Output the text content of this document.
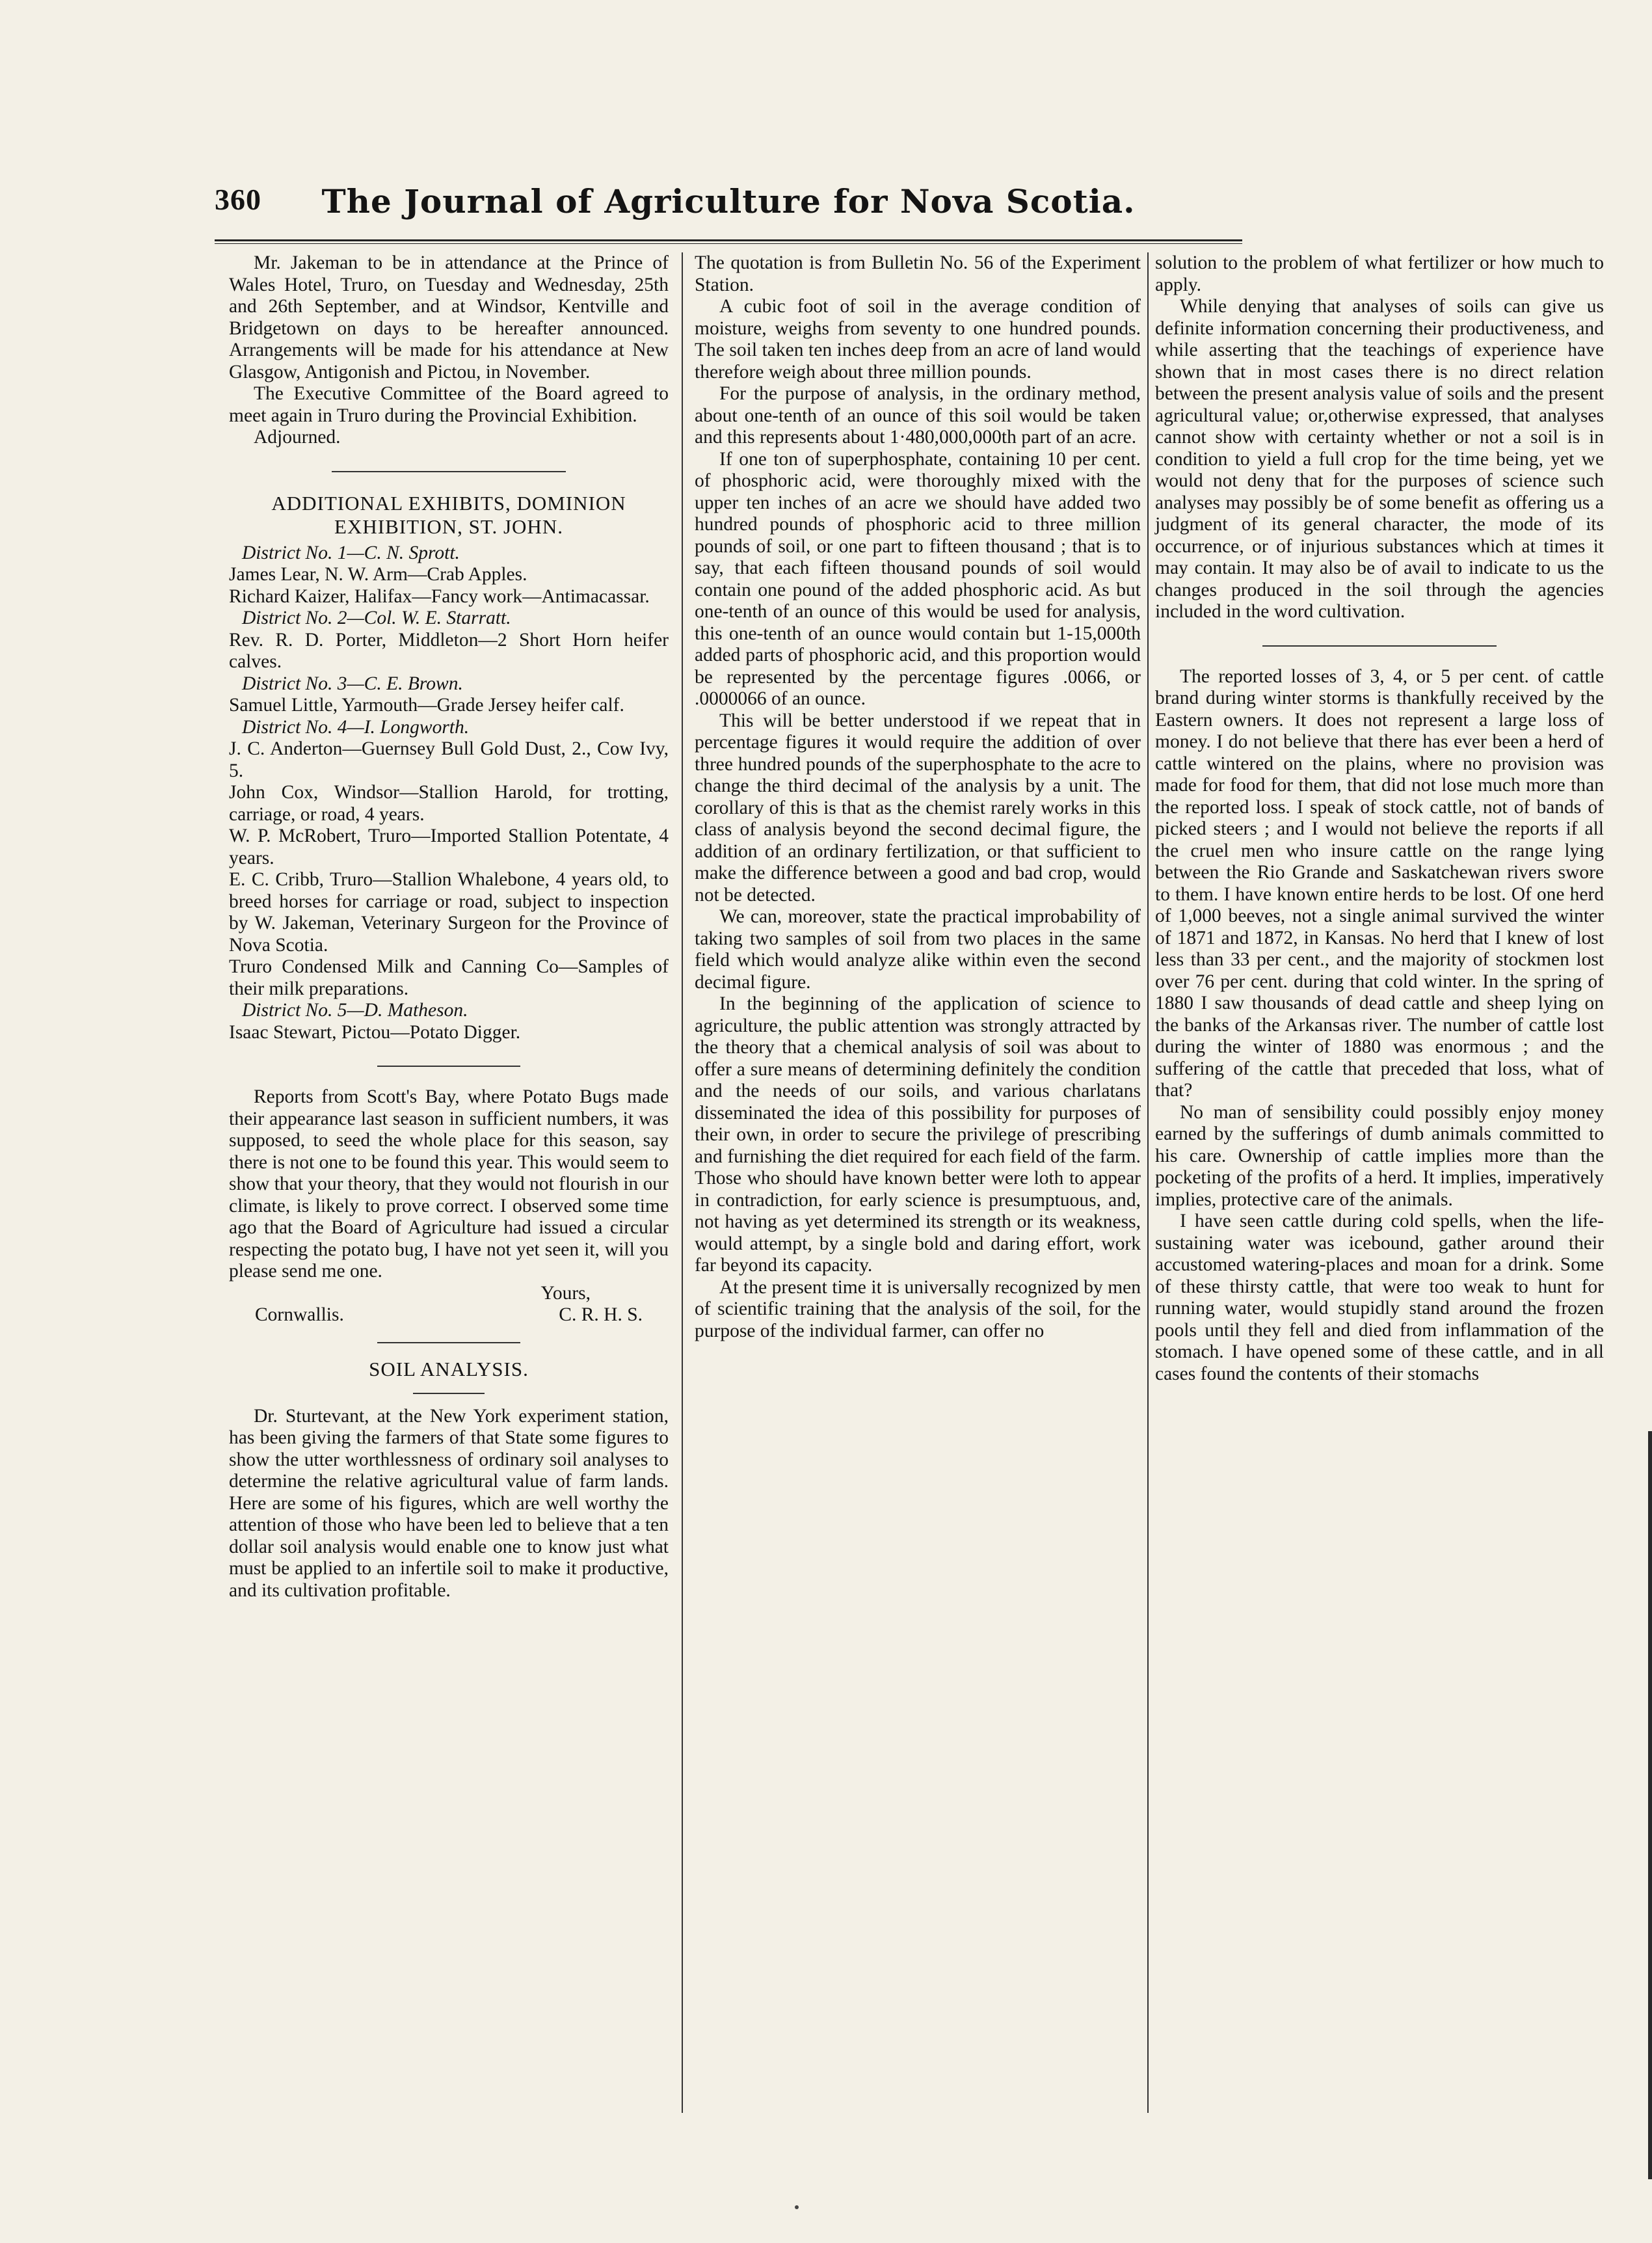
360	The Journal of Agriculture for Nova Scotia.

Mr. Jakeman to be in attendance at the Prince of Wales Hotel, Truro, on Tuesday and Wednesday, 25th and 26th September, and at Windsor, Kentville and Bridgetown on days to be hereafter announced. Arrangements will be made for his attendance at New Glasgow, Antigonish and Pictou, in November.

The Executive Committee of the Board agreed to meet again in Truro during the Provincial Exhibition.

Adjourned.

ADDITIONAL EXHIBITS, DOMINION EXHIBITION, ST. JOHN.
District No. 1—C. N. Sprott.

James Lear, N. W. Arm—Crab Apples.

Richard Kaizer, Halifax—Fancy work—Antimacassar.

District No. 2—Col. W. E. Starratt.

Rev. R. D. Porter, Middleton—2 Short Horn heifer calves.

District No. 3—C. E. Brown.

Samuel Little, Yarmouth—Grade Jersey heifer calf.

District No. 4—I. Longworth.

J. C. Anderton—Guernsey Bull Gold Dust, 2., Cow Ivy, 5.

John Cox, Windsor—Stallion Harold, for trotting, carriage, or road, 4 years.

W. P. McRobert, Truro—Imported Stallion Potentate, 4 years.

E. C. Cribb, Truro—Stallion Whalebone, 4 years old, to breed horses for carriage or road, subject to inspection by W. Jakeman, Veterinary Surgeon for the Province of Nova Scotia.

Truro Condensed Milk and Canning Co—Samples of their milk preparations.

District No. 5—D. Matheson.

Isaac Stewart, Pictou—Potato Digger.

Reports from Scott's Bay, where Potato Bugs made their appearance last season in sufficient numbers, it was supposed, to seed the whole place for this season, say there is not one to be found this year. This would seem to show that your theory, that they would not flourish in our climate, is likely to prove correct. I observed some time ago that the Board of Agriculture had issued a circular respecting the potato bug, I have not yet seen it, will you please send me one.

Yours,
Cornwallis.	C. R. H. S.
SOIL ANALYSIS.

Dr. Sturtevant, at the New York experiment station, has been giving the farmers of that State some figures to show the utter worthlessness of ordinary soil analyses to determine the relative agricultural value of farm lands. Here are some of his figures, which are well worthy the attention of those who have been led to believe that a ten dollar soil analysis would enable one to know just what must be applied to an infertile soil to make it productive, and its cultivation profitable.

The quotation is from Bulletin No. 56 of the Experiment Station.

A cubic foot of soil in the average condition of moisture, weighs from seventy to one hundred pounds. The soil taken ten inches deep from an acre of land would therefore weigh about three million pounds.

For the purpose of analysis, in the ordinary method, about one-tenth of an ounce of this soil would be taken and this represents about 1·480,000,000th part of an acre.

If one ton of superphosphate, containing 10 per cent. of phosphoric acid, were thoroughly mixed with the upper ten inches of an acre we should have added two hundred pounds of phosphoric acid to three million pounds of soil, or one part to fifteen thousand ; that is to say, that each fifteen thousand pounds of soil would contain one pound of the added phosphoric acid. As but one-tenth of an ounce of this would be used for analysis, this one-tenth of an ounce would contain but 1-15,000th added parts of phosphoric acid, and this proportion would be represented by the percentage figures .0066, or .0000066 of an ounce.

This will be better understood if we repeat that in percentage figures it would require the addition of over three hundred pounds of the superphosphate to the acre to change the third decimal of the analysis by a unit. The corollary of this is that as the chemist rarely works in this class of analysis beyond the second decimal figure, the addition of an ordinary fertilization, or that sufficient to make the difference between a good and bad crop, would not be detected.

We can, moreover, state the practical improbability of taking two samples of soil from two places in the same field which would analyze alike within even the second decimal figure.

In the beginning of the application of science to agriculture, the public attention was strongly attracted by the theory that a chemical analysis of soil was about to offer a sure means of determining definitely the condition and the needs of our soils, and various charlatans disseminated the idea of this possibility for purposes of their own, in order to secure the privilege of prescribing and furnishing the diet required for each field of the farm. Those who should have known better were loth to appear in contradiction, for early science is presumptuous, and, not having as yet determined its strength or its weakness, would attempt, by a single bold and daring effort, work far beyond its capacity.

At the present time it is universally recognized by men of scientific training that the analysis of the soil, for the purpose of the individual farmer, can offer no

solution to the problem of what fertilizer or how much to apply.

While denying that analyses of soils can give us definite information concerning their productiveness, and while asserting that the teachings of experience have shown that in most cases there is no direct relation between the present analysis value of soils and the present agricultural value; or,otherwise expressed, that analyses cannot show with certainty whether or not a soil is in condition to yield a full crop for the time being, yet we would not deny that for the purposes of science such analyses may possibly be of some benefit as offering us a judgment of its general character, the mode of its occurrence, or of injurious substances which at times it may contain. It may also be of avail to indicate to us the changes produced in the soil through the agencies included in the word cultivation.

The reported losses of 3, 4, or 5 per cent. of cattle brand during winter storms is thankfully received by the Eastern owners. It does not represent a large loss of money. I do not believe that there has ever been a herd of cattle wintered on the plains, where no provision was made for food for them, that did not lose much more than the reported loss. I speak of stock cattle, not of bands of picked steers ; and I would not believe the reports if all the cruel men who insure cattle on the range lying between the Rio Grande and Saskatchewan rivers swore to them. I have known entire herds to be lost. Of one herd of 1,000 beeves, not a single animal survived the winter of 1871 and 1872, in Kansas. No herd that I knew of lost less than 33 per cent., and the majority of stockmen lost over 76 per cent. during that cold winter. In the spring of 1880 I saw thousands of dead cattle and sheep lying on the banks of the Arkansas river. The number of cattle lost during the winter of 1880 was enormous ; and the suffering of the cattle that preceded that loss, what of that?

No man of sensibility could possibly enjoy money earned by the sufferings of dumb animals committed to his care. Ownership of cattle implies more than the pocketing of the profits of a herd. It implies, imperatively implies, protective care of the animals.

I have seen cattle during cold spells, when the life-sustaining water was icebound, gather around their accustomed watering-places and moan for a drink. Some of these thirsty cattle, that were too weak to hunt for running water, would stupidly stand around the frozen pools until they fell and died from inflammation of the stomach. I have opened some of these cattle, and in all cases found the contents of their stomachs
